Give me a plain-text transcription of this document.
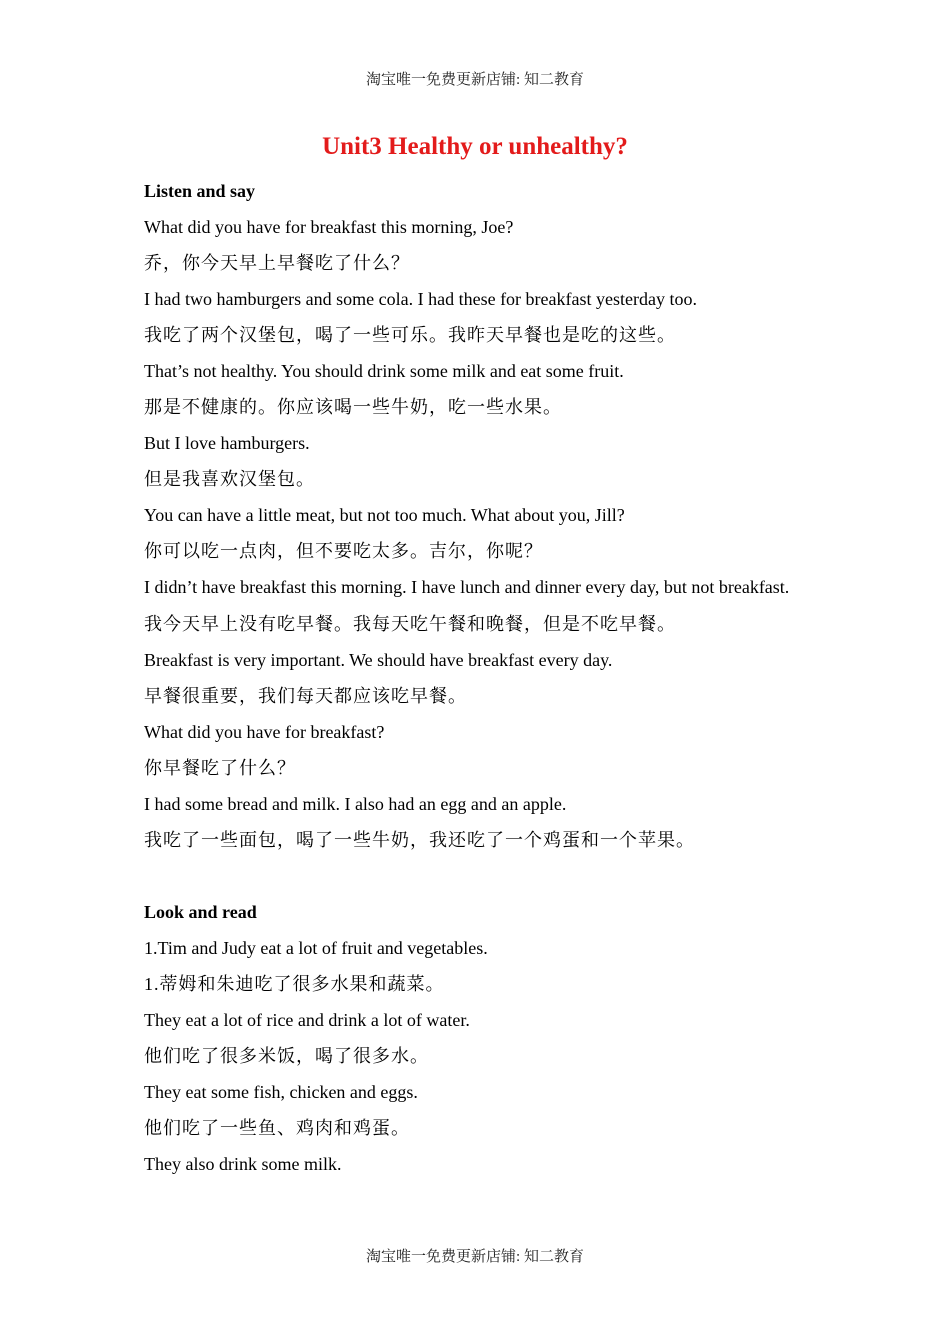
淘宝唯一免费更新店铺: 知二教育
Unit3 Healthy or unhealthy?
Listen and say
What did you have for breakfast this morning, Joe?
乔，你今天早上早餐吃了什么？
I had two hamburgers and some cola. I had these for breakfast yesterday too.
我吃了两个汉堡包，喝了一些可乐。我昨天早餐也是吃的这些。
That’s not healthy. You should drink some milk and eat some fruit.
那是不健康的。你应该喝一些牛奶，吃一些水果。
But I love hamburgers.
但是我喜欢汉堡包。
You can have a little meat, but not too much. What about you, Jill?
你可以吃一点肉，但不要吃太多。吉尔，你呢？
I didn’t have breakfast this morning. I have lunch and dinner every day, but not breakfast.
我今天早上没有吃早餐。我每天吃午餐和晚餐，但是不吃早餐。
Breakfast is very important. We should have breakfast every day.
早餐很重要，我们每天都应该吃早餐。
What did you have for breakfast?
你早餐吃了什么？
I had some bread and milk. I also had an egg and an apple.
我吃了一些面包，喝了一些牛奶，我还吃了一个鸡蛋和一个苹果。
Look and read
1.Tim and Judy eat a lot of fruit and vegetables.
1.蒂姆和朱迪吃了很多水果和蔬菜。
They eat a lot of rice and drink a lot of water.
他们吃了很多米饭，喝了很多水。
They eat some fish, chicken and eggs.
他们吃了一些鱼、鸡肉和鸡蛋。
They also drink some milk.
淘宝唯一免费更新店铺: 知二教育
